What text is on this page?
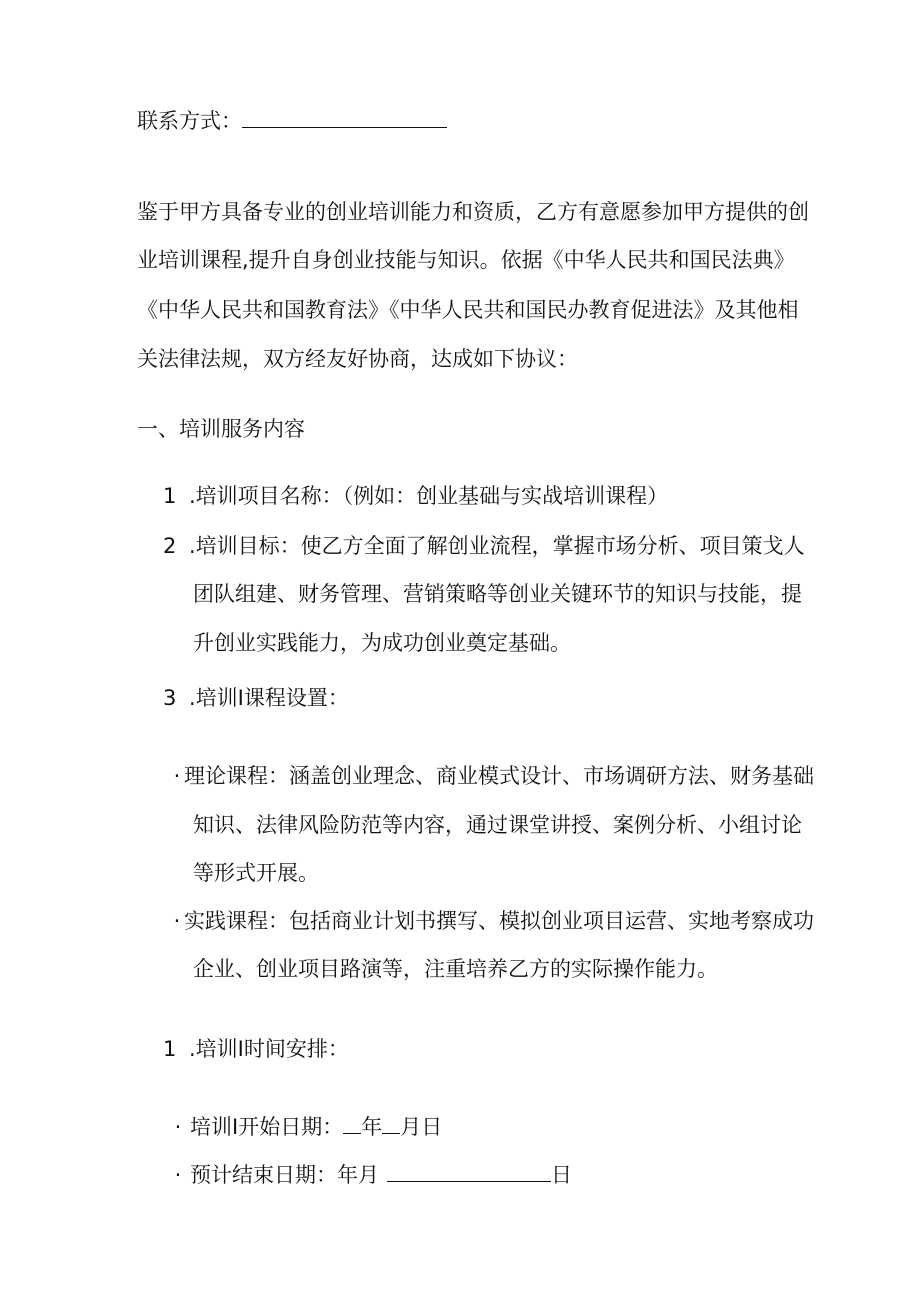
联系方式：
鉴于甲方具备专业的创业培训能力和资质，乙方有意愿参加甲方提供的创
业培训课程,提升自身创业技能与知识。依据《中华人民共和国民法典》
《中华人民共和国教育法》《中华人民共和国民办教育促进法》及其他相
关法律法规，双方经友好协商，达成如下协议：
一、培训服务内容
1 .培训项目名称：（例如：创业基础与实战培训课程）
2 .培训目标：使乙方全面了解创业流程，掌握市场分析、项目策戈人
团队组建、财务管理、营销策略等创业关键环节的知识与技能，提
升创业实践能力，为成功创业奠定基础。
3 .培训I课程设置：
· 理论课程：涵盖创业理念、商业模式设计、市场调研方法、财务基础
知识、法律风险防范等内容，通过课堂讲授、案例分析、小组讨论
等形式开展。
· 实践课程：包括商业计划书撰写、模拟创业项目运营、实地考察成功
企业、创业项目路演等，注重培养乙方的实际操作能力。
1 .培训I时间安排：
· 培训I开始日期： 年 月日
· 预计结束日期：年月	日
